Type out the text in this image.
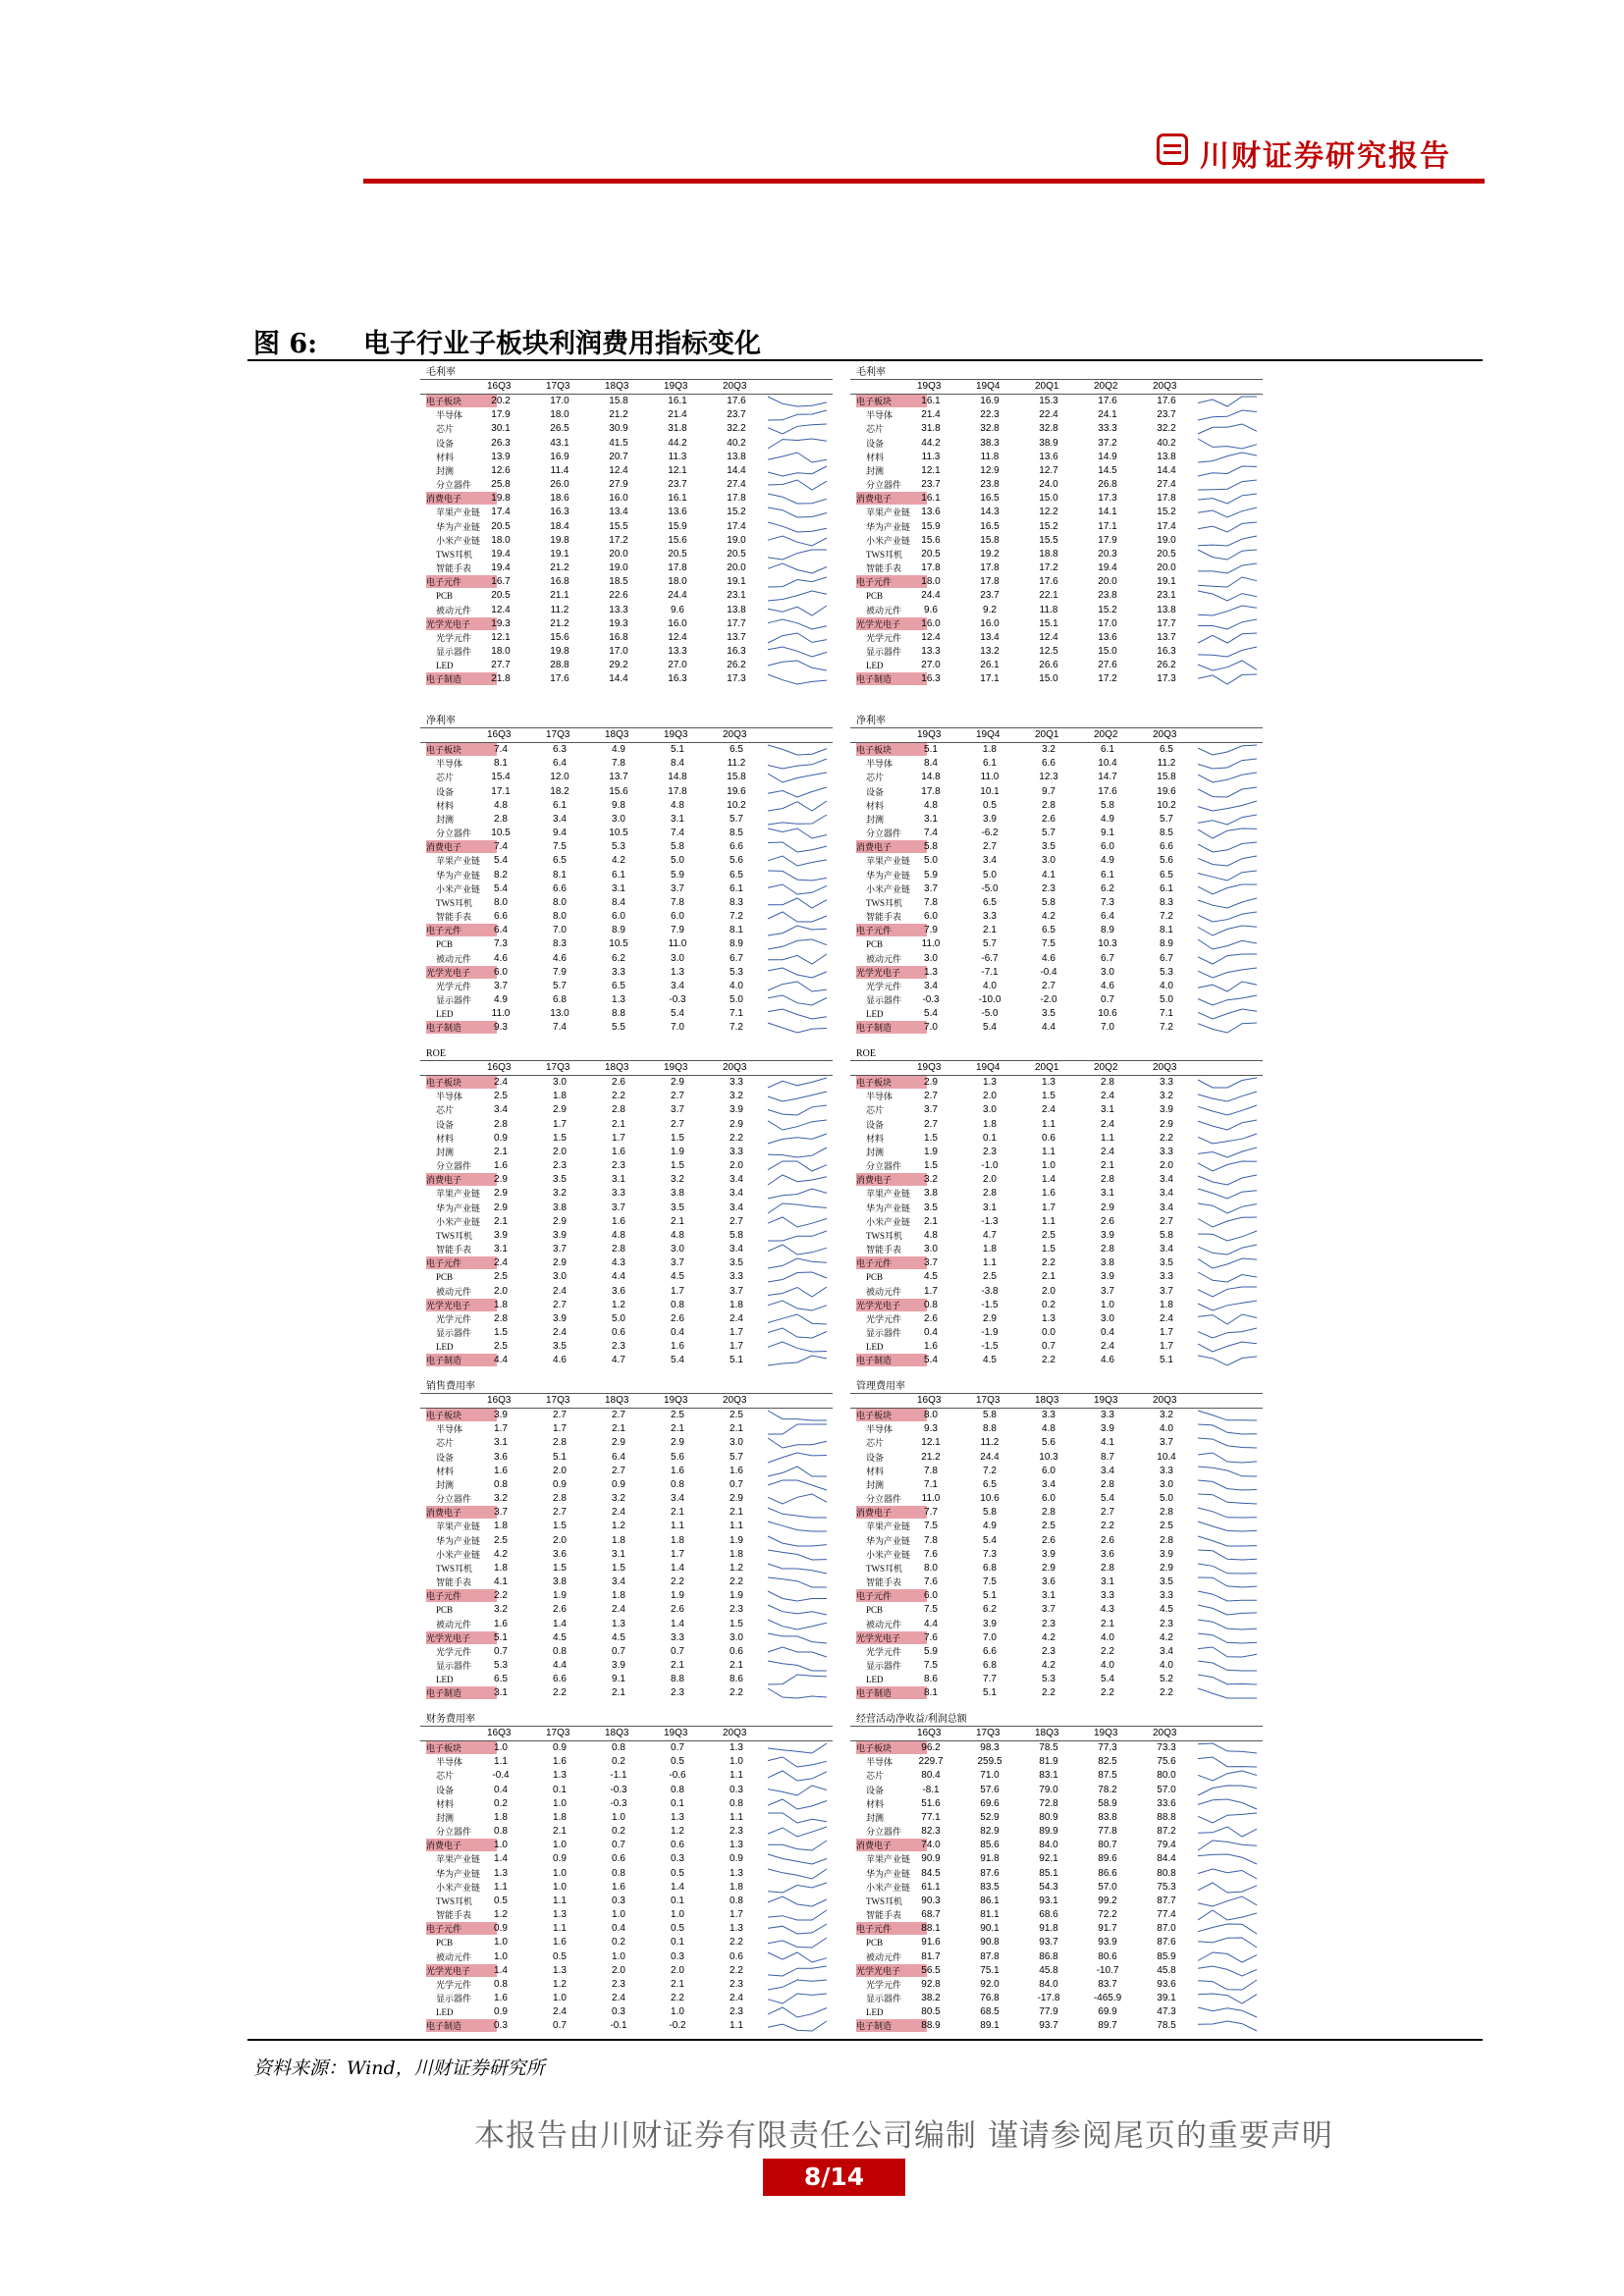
川财证券研究报告
图 6: 电子行业子板块利润费用指标变化
毛利率
16Q3	17Q3	18Q3	19Q3	20Q3
电子板块	20.2	17.0	15.8	16.1	17.6
半导体	17.9	18.0	21.2	21.4	23.7
芯片	30.1	26.5	30.9	31.8	32.2
设备	26.3	43.1	41.5	44.2	40.2
材料	13.9	16.9	20.7	11.3	13.8
封测	12.6	11.4	12.4	12.1	14.4
分立器件	25.8	26.0	27.9	23.7	27.4
消费电子	19.8	18.6	16.0	16.1	17.8
苹果产业链	17.4	16.3	13.4	13.6	15.2
华为产业链	20.5	18.4	15.5	15.9	17.4
小米产业链	18.0	19.8	17.2	15.6	19.0
TWS耳机	19.4	19.1	20.0	20.5	20.5
智能手表	19.4	21.2	19.0	17.8	20.0
电子元件	16.7	16.8	18.5	18.0	19.1
PCB	20.5	21.1	22.6	24.4	23.1
被动元件	12.4	11.2	13.3	9.6	13.8
光学光电子	19.3	21.2	19.3	16.0	17.7
光学元件	12.1	15.6	16.8	12.4	13.7
显示器件	18.0	19.8	17.0	13.3	16.3
LED	27.7	28.8	29.2	27.0	26.2
电子制造	21.8	17.6	14.4	16.3	17.3
毛利率
19Q3	19Q4	20Q1	20Q2	20Q3
电子板块	16.1	16.9	15.3	17.6	17.6
半导体	21.4	22.3	22.4	24.1	23.7
芯片	31.8	32.8	32.8	33.3	32.2
设备	44.2	38.3	38.9	37.2	40.2
材料	11.3	11.8	13.6	14.9	13.8
封测	12.1	12.9	12.7	14.5	14.4
分立器件	23.7	23.8	24.0	26.8	27.4
消费电子	16.1	16.5	15.0	17.3	17.8
苹果产业链	13.6	14.3	12.2	14.1	15.2
华为产业链	15.9	16.5	15.2	17.1	17.4
小米产业链	15.6	15.8	15.5	17.9	19.0
TWS耳机	20.5	19.2	18.8	20.3	20.5
智能手表	17.8	17.8	17.2	19.4	20.0
电子元件	18.0	17.8	17.6	20.0	19.1
PCB	24.4	23.7	22.1	23.8	23.1
被动元件	9.6	9.2	11.8	15.2	13.8
光学光电子	16.0	16.0	15.1	17.0	17.7
光学元件	12.4	13.4	12.4	13.6	13.7
显示器件	13.3	13.2	12.5	15.0	16.3
LED	27.0	26.1	26.6	27.6	26.2
电子制造	16.3	17.1	15.0	17.2	17.3
净利率
16Q3	17Q3	18Q3	19Q3	20Q3
电子板块	7.4	6.3	4.9	5.1	6.5
半导体	8.1	6.4	7.8	8.4	11.2
芯片	15.4	12.0	13.7	14.8	15.8
设备	17.1	18.2	15.6	17.8	19.6
材料	4.8	6.1	9.8	4.8	10.2
封测	2.8	3.4	3.0	3.1	5.7
分立器件	10.5	9.4	10.5	7.4	8.5
消费电子	7.4	7.5	5.3	5.8	6.6
苹果产业链	5.4	6.5	4.2	5.0	5.6
华为产业链	8.2	8.1	6.1	5.9	6.5
小米产业链	5.4	6.6	3.1	3.7	6.1
TWS耳机	8.0	8.0	8.4	7.8	8.3
智能手表	6.6	8.0	6.0	6.0	7.2
电子元件	6.4	7.0	8.9	7.9	8.1
PCB	7.3	8.3	10.5	11.0	8.9
被动元件	4.6	4.6	6.2	3.0	6.7
光学光电子	6.0	7.9	3.3	1.3	5.3
光学元件	3.7	5.7	6.5	3.4	4.0
显示器件	4.9	6.8	1.3	-0.3	5.0
LED	11.0	13.0	8.8	5.4	7.1
电子制造	9.3	7.4	5.5	7.0	7.2
净利率
19Q3	19Q4	20Q1	20Q2	20Q3
电子板块	5.1	1.8	3.2	6.1	6.5
半导体	8.4	6.1	6.6	10.4	11.2
芯片	14.8	11.0	12.3	14.7	15.8
设备	17.8	10.1	9.7	17.6	19.6
材料	4.8	0.5	2.8	5.8	10.2
封测	3.1	3.9	2.6	4.9	5.7
分立器件	7.4	-6.2	5.7	9.1	8.5
消费电子	5.8	2.7	3.5	6.0	6.6
苹果产业链	5.0	3.4	3.0	4.9	5.6
华为产业链	5.9	5.0	4.1	6.1	6.5
小米产业链	3.7	-5.0	2.3	6.2	6.1
TWS耳机	7.8	6.5	5.8	7.3	8.3
智能手表	6.0	3.3	4.2	6.4	7.2
电子元件	7.9	2.1	6.5	8.9	8.1
PCB	11.0	5.7	7.5	10.3	8.9
被动元件	3.0	-6.7	4.6	6.7	6.7
光学光电子	1.3	-7.1	-0.4	3.0	5.3
光学元件	3.4	4.0	2.7	4.6	4.0
显示器件	-0.3	-10.0	-2.0	0.7	5.0
LED	5.4	-5.0	3.5	10.6	7.1
电子制造	7.0	5.4	4.4	7.0	7.2
ROE
16Q3	17Q3	18Q3	19Q3	20Q3
电子板块	2.4	3.0	2.6	2.9	3.3
半导体	2.5	1.8	2.2	2.7	3.2
芯片	3.4	2.9	2.8	3.7	3.9
设备	2.8	1.7	2.1	2.7	2.9
材料	0.9	1.5	1.7	1.5	2.2
封测	2.1	2.0	1.6	1.9	3.3
分立器件	1.6	2.3	2.3	1.5	2.0
消费电子	2.9	3.5	3.1	3.2	3.4
苹果产业链	2.9	3.2	3.3	3.8	3.4
华为产业链	2.9	3.8	3.7	3.5	3.4
小米产业链	2.1	2.9	1.6	2.1	2.7
TWS耳机	3.9	3.9	4.8	4.8	5.8
智能手表	3.1	3.7	2.8	3.0	3.4
电子元件	2.4	2.9	4.3	3.7	3.5
PCB	2.5	3.0	4.4	4.5	3.3
被动元件	2.0	2.4	3.6	1.7	3.7
光学光电子	1.8	2.7	1.2	0.8	1.8
光学元件	2.8	3.9	5.0	2.6	2.4
显示器件	1.5	2.4	0.6	0.4	1.7
LED	2.5	3.5	2.3	1.6	1.7
电子制造	4.4	4.6	4.7	5.4	5.1
ROE
19Q3	19Q4	20Q1	20Q2	20Q3
电子板块	2.9	1.3	1.3	2.8	3.3
半导体	2.7	2.0	1.5	2.4	3.2
芯片	3.7	3.0	2.4	3.1	3.9
设备	2.7	1.8	1.1	2.4	2.9
材料	1.5	0.1	0.6	1.1	2.2
封测	1.9	2.3	1.1	2.4	3.3
分立器件	1.5	-1.0	1.0	2.1	2.0
消费电子	3.2	2.0	1.4	2.8	3.4
苹果产业链	3.8	2.8	1.6	3.1	3.4
华为产业链	3.5	3.1	1.7	2.9	3.4
小米产业链	2.1	-1.3	1.1	2.6	2.7
TWS耳机	4.8	4.7	2.5	3.9	5.8
智能手表	3.0	1.8	1.5	2.8	3.4
电子元件	3.7	1.1	2.2	3.8	3.5
PCB	4.5	2.5	2.1	3.9	3.3
被动元件	1.7	-3.8	2.0	3.7	3.7
光学光电子	0.8	-1.5	0.2	1.0	1.8
光学元件	2.6	2.9	1.3	3.0	2.4
显示器件	0.4	-1.9	0.0	0.4	1.7
LED	1.6	-1.5	0.7	2.4	1.7
电子制造	5.4	4.5	2.2	4.6	5.1
销售费用率
16Q3	17Q3	18Q3	19Q3	20Q3
电子板块	3.9	2.7	2.7	2.5	2.5
半导体	1.7	1.7	2.1	2.1	2.1
芯片	3.1	2.8	2.9	2.9	3.0
设备	3.6	5.1	6.4	5.6	5.7
材料	1.6	2.0	2.7	1.6	1.6
封测	0.8	0.9	0.9	0.8	0.7
分立器件	3.2	2.8	3.2	3.4	2.9
消费电子	3.7	2.7	2.4	2.1	2.1
苹果产业链	1.8	1.5	1.2	1.1	1.1
华为产业链	2.5	2.0	1.8	1.8	1.9
小米产业链	4.2	3.6	3.1	1.7	1.8
TWS耳机	1.8	1.5	1.5	1.4	1.2
智能手表	4.1	3.8	3.4	2.2	2.2
电子元件	2.2	1.9	1.8	1.9	1.9
PCB	3.2	2.6	2.4	2.6	2.3
被动元件	1.6	1.4	1.3	1.4	1.5
光学光电子	5.1	4.5	4.5	3.3	3.0
光学元件	0.7	0.8	0.7	0.7	0.6
显示器件	5.3	4.4	3.9	2.1	2.1
LED	6.5	6.6	9.1	8.8	8.6
电子制造	3.1	2.2	2.1	2.3	2.2
管理费用率
16Q3	17Q3	18Q3	19Q3	20Q3
电子板块	8.0	5.8	3.3	3.3	3.2
半导体	9.3	8.8	4.8	3.9	4.0
芯片	12.1	11.2	5.6	4.1	3.7
设备	21.2	24.4	10.3	8.7	10.4
材料	7.8	7.2	6.0	3.4	3.3
封测	7.1	6.5	3.4	2.8	3.0
分立器件	11.0	10.6	6.0	5.4	5.0
消费电子	7.7	5.8	2.8	2.7	2.8
苹果产业链	7.5	4.9	2.5	2.2	2.5
华为产业链	7.8	5.4	2.6	2.6	2.8
小米产业链	7.6	7.3	3.9	3.6	3.9
TWS耳机	8.0	6.8	2.9	2.8	2.9
智能手表	7.6	7.5	3.6	3.1	3.5
电子元件	6.0	5.1	3.1	3.3	3.3
PCB	7.5	6.2	3.7	4.3	4.5
被动元件	4.4	3.9	2.3	2.1	2.3
光学光电子	7.6	7.0	4.2	4.0	4.2
光学元件	5.9	6.6	2.3	2.2	3.4
显示器件	7.5	6.8	4.2	4.0	4.0
LED	8.6	7.7	5.3	5.4	5.2
电子制造	8.1	5.1	2.2	2.2	2.2
财务费用率
16Q3	17Q3	18Q3	19Q3	20Q3
电子板块	1.0	0.9	0.8	0.7	1.3
半导体	1.1	1.6	0.2	0.5	1.0
芯片	-0.4	1.3	-1.1	-0.6	1.1
设备	0.4	0.1	-0.3	0.8	0.3
材料	0.2	1.0	-0.3	0.1	0.8
封测	1.8	1.8	1.0	1.3	1.1
分立器件	0.8	2.1	0.2	1.2	2.3
消费电子	1.0	1.0	0.7	0.6	1.3
苹果产业链	1.4	0.9	0.6	0.3	0.9
华为产业链	1.3	1.0	0.8	0.5	1.3
小米产业链	1.1	1.0	1.6	1.4	1.8
TWS耳机	0.5	1.1	0.3	0.1	0.8
智能手表	1.2	1.3	1.0	1.0	1.7
电子元件	0.9	1.1	0.4	0.5	1.3
PCB	1.0	1.6	0.2	0.1	2.2
被动元件	1.0	0.5	1.0	0.3	0.6
光学光电子	1.4	1.3	2.0	2.0	2.2
光学元件	0.8	1.2	2.3	2.1	2.3
显示器件	1.6	1.0	2.4	2.2	2.4
LED	0.9	2.4	0.3	1.0	2.3
电子制造	0.3	0.7	-0.1	-0.2	1.1
经营活动净收益/利润总额
16Q3	17Q3	18Q3	19Q3	20Q3
电子板块	96.2	98.3	78.5	77.3	73.3
半导体	229.7	259.5	81.9	82.5	75.6
芯片	80.4	71.0	83.1	87.5	80.0
设备	-8.1	57.6	79.0	78.2	57.0
材料	51.6	69.6	72.8	58.9	33.6
封测	77.1	52.9	80.9	83.8	88.8
分立器件	82.3	82.9	89.9	77.8	87.2
消费电子	74.0	85.6	84.0	80.7	79.4
苹果产业链	90.9	91.8	92.1	89.6	84.4
华为产业链	84.5	87.6	85.1	86.6	80.8
小米产业链	61.1	83.5	54.3	57.0	75.3
TWS耳机	90.3	86.1	93.1	99.2	87.7
智能手表	68.7	81.1	68.6	72.2	77.4
电子元件	88.1	90.1	91.8	91.7	87.0
PCB	91.6	90.8	93.7	93.9	87.6
被动元件	81.7	87.8	86.8	80.6	85.9
光学光电子	56.5	75.1	45.8	-10.7	45.8
光学元件	92.8	92.0	84.0	83.7	93.6
显示器件	38.2	76.8	-17.8	-465.9	39.1
LED	80.5	68.5	77.9	69.9	47.3
电子制造	88.9	89.1	93.7	89.7	78.5
资料来源：Wind，川财证券研究所
本报告由川财证券有限责任公司编制 谨请参阅尾页的重要声明
8/14
